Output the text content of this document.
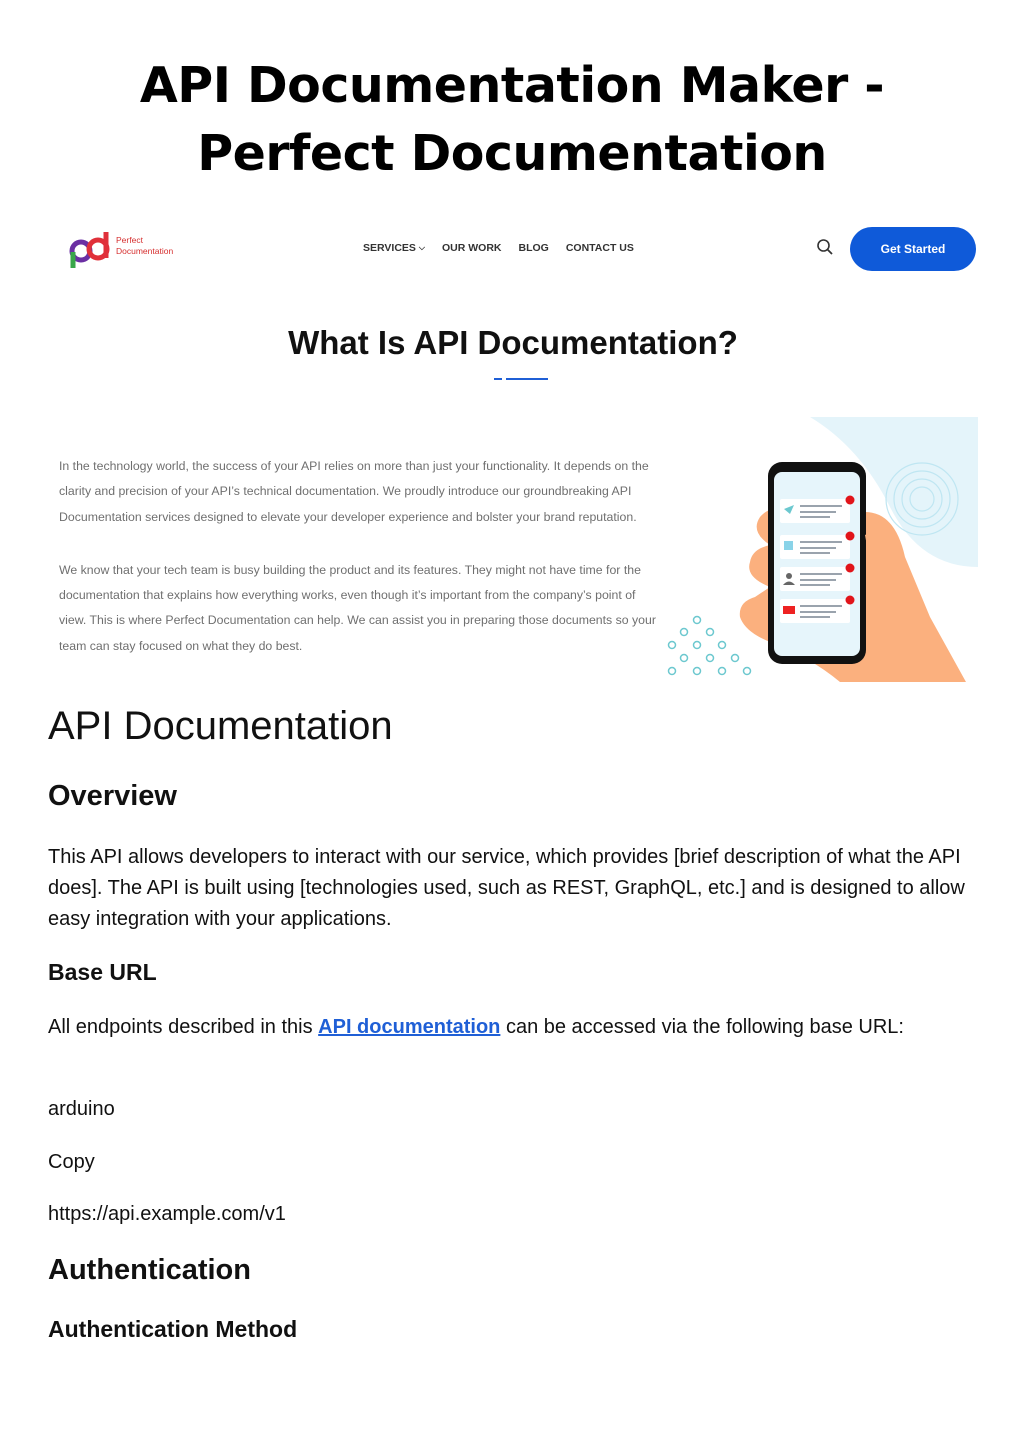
API Documentation Maker - Perfect Documentation
Perfect
Documentation	SERVICES ⌵ OUR WORK BLOG CONTACT US	Get Started
What Is API Documentation?

In the technology world, the success of your API relies on more than just your functionality. It depends on the clarity and precision of your API’s technical documentation. We proudly introduce our groundbreaking API Documentation services designed to elevate your developer experience and bolster your brand reputation.

We know that your tech team is busy building the product and its features. They might not have time for the documentation that explains how everything works, even though it’s important from the company’s point of view. This is where Perfect Documentation can help. We can assist you in preparing those documents so your team can stay focused on what they do best.

API Documentation
Overview

This API allows developers to interact with our service, which provides [brief description of what the API does]. The API is built using [technologies used, such as REST, GraphQL, etc.] and is designed to allow easy integration with your applications.

Base URL

All endpoints described in this API documentation can be accessed via the following base URL:

arduino

Copy

https://api.example.com/v1

Authentication
Authentication Method
